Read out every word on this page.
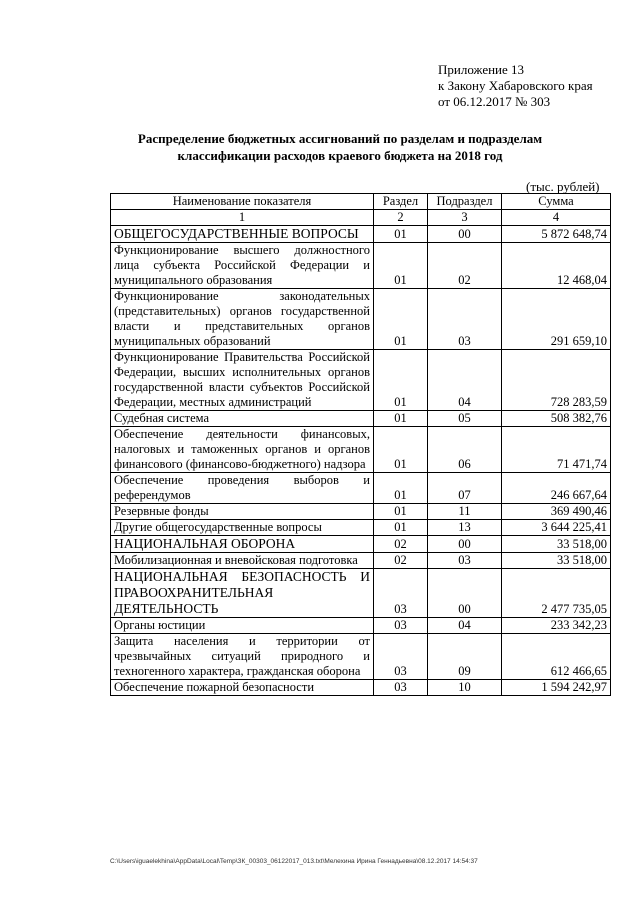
Приложение 13
к Закону Хабаровского края
от 06.12.2017 № 303
Распределение бюджетных ассигнований по разделам и подразделам
классификации расходов краевого бюджета на 2018 год
(тыс. рублей)
Наименование показателя	Раздел	Подраздел	Сумма
1	2	3	4
ОБЩЕГОСУДАРСТВЕННЫЕ ВОПРОСЫ	01	00	5 872 648,74
Функционирование высшего должностного лица субъекта Российской Федерации и муниципального образования	01	02	12 468,04
Функционирование законодательных (представительных) органов государственной власти и представительных органов муниципальных образований	01	03	291 659,10
Функционирование Правительства Российской Федерации, высших исполнительных органов государственной власти субъектов Российской Федерации, местных администраций	01	04	728 283,59
Судебная система	01	05	508 382,76
Обеспечение деятельности финансовых, налоговых и таможенных органов и органов финансового (финансово-бюджетного) надзора	01	06	71 471,74
Обеспечение проведения выборов и референдумов	01	07	246 667,64
Резервные фонды	01	11	369 490,46
Другие общегосударственные вопросы	01	13	3 644 225,41
НАЦИОНАЛЬНАЯ ОБОРОНА	02	00	33 518,00
Мобилизационная и вневойсковая подготовка	02	03	33 518,00
НАЦИОНАЛЬНАЯ БЕЗОПАСНОСТЬ И ПРАВООХРАНИТЕЛЬНАЯ ДЕЯТЕЛЬНОСТЬ	03	00	2 477 735,05
Органы юстиции	03	04	233 342,23
Защита населения и территории от чрезвычайных ситуаций природного и техногенного характера, гражданская оборона	03	09	612 466,65
Обеспечение пожарной безопасности	03	10	1 594 242,97
C:\Users\iguaelekhina\AppData\Local\Temp\ЗК_00303_06122017_013.txt\Мелехина Ирина Геннадьевна\08.12.2017 14:54:37
